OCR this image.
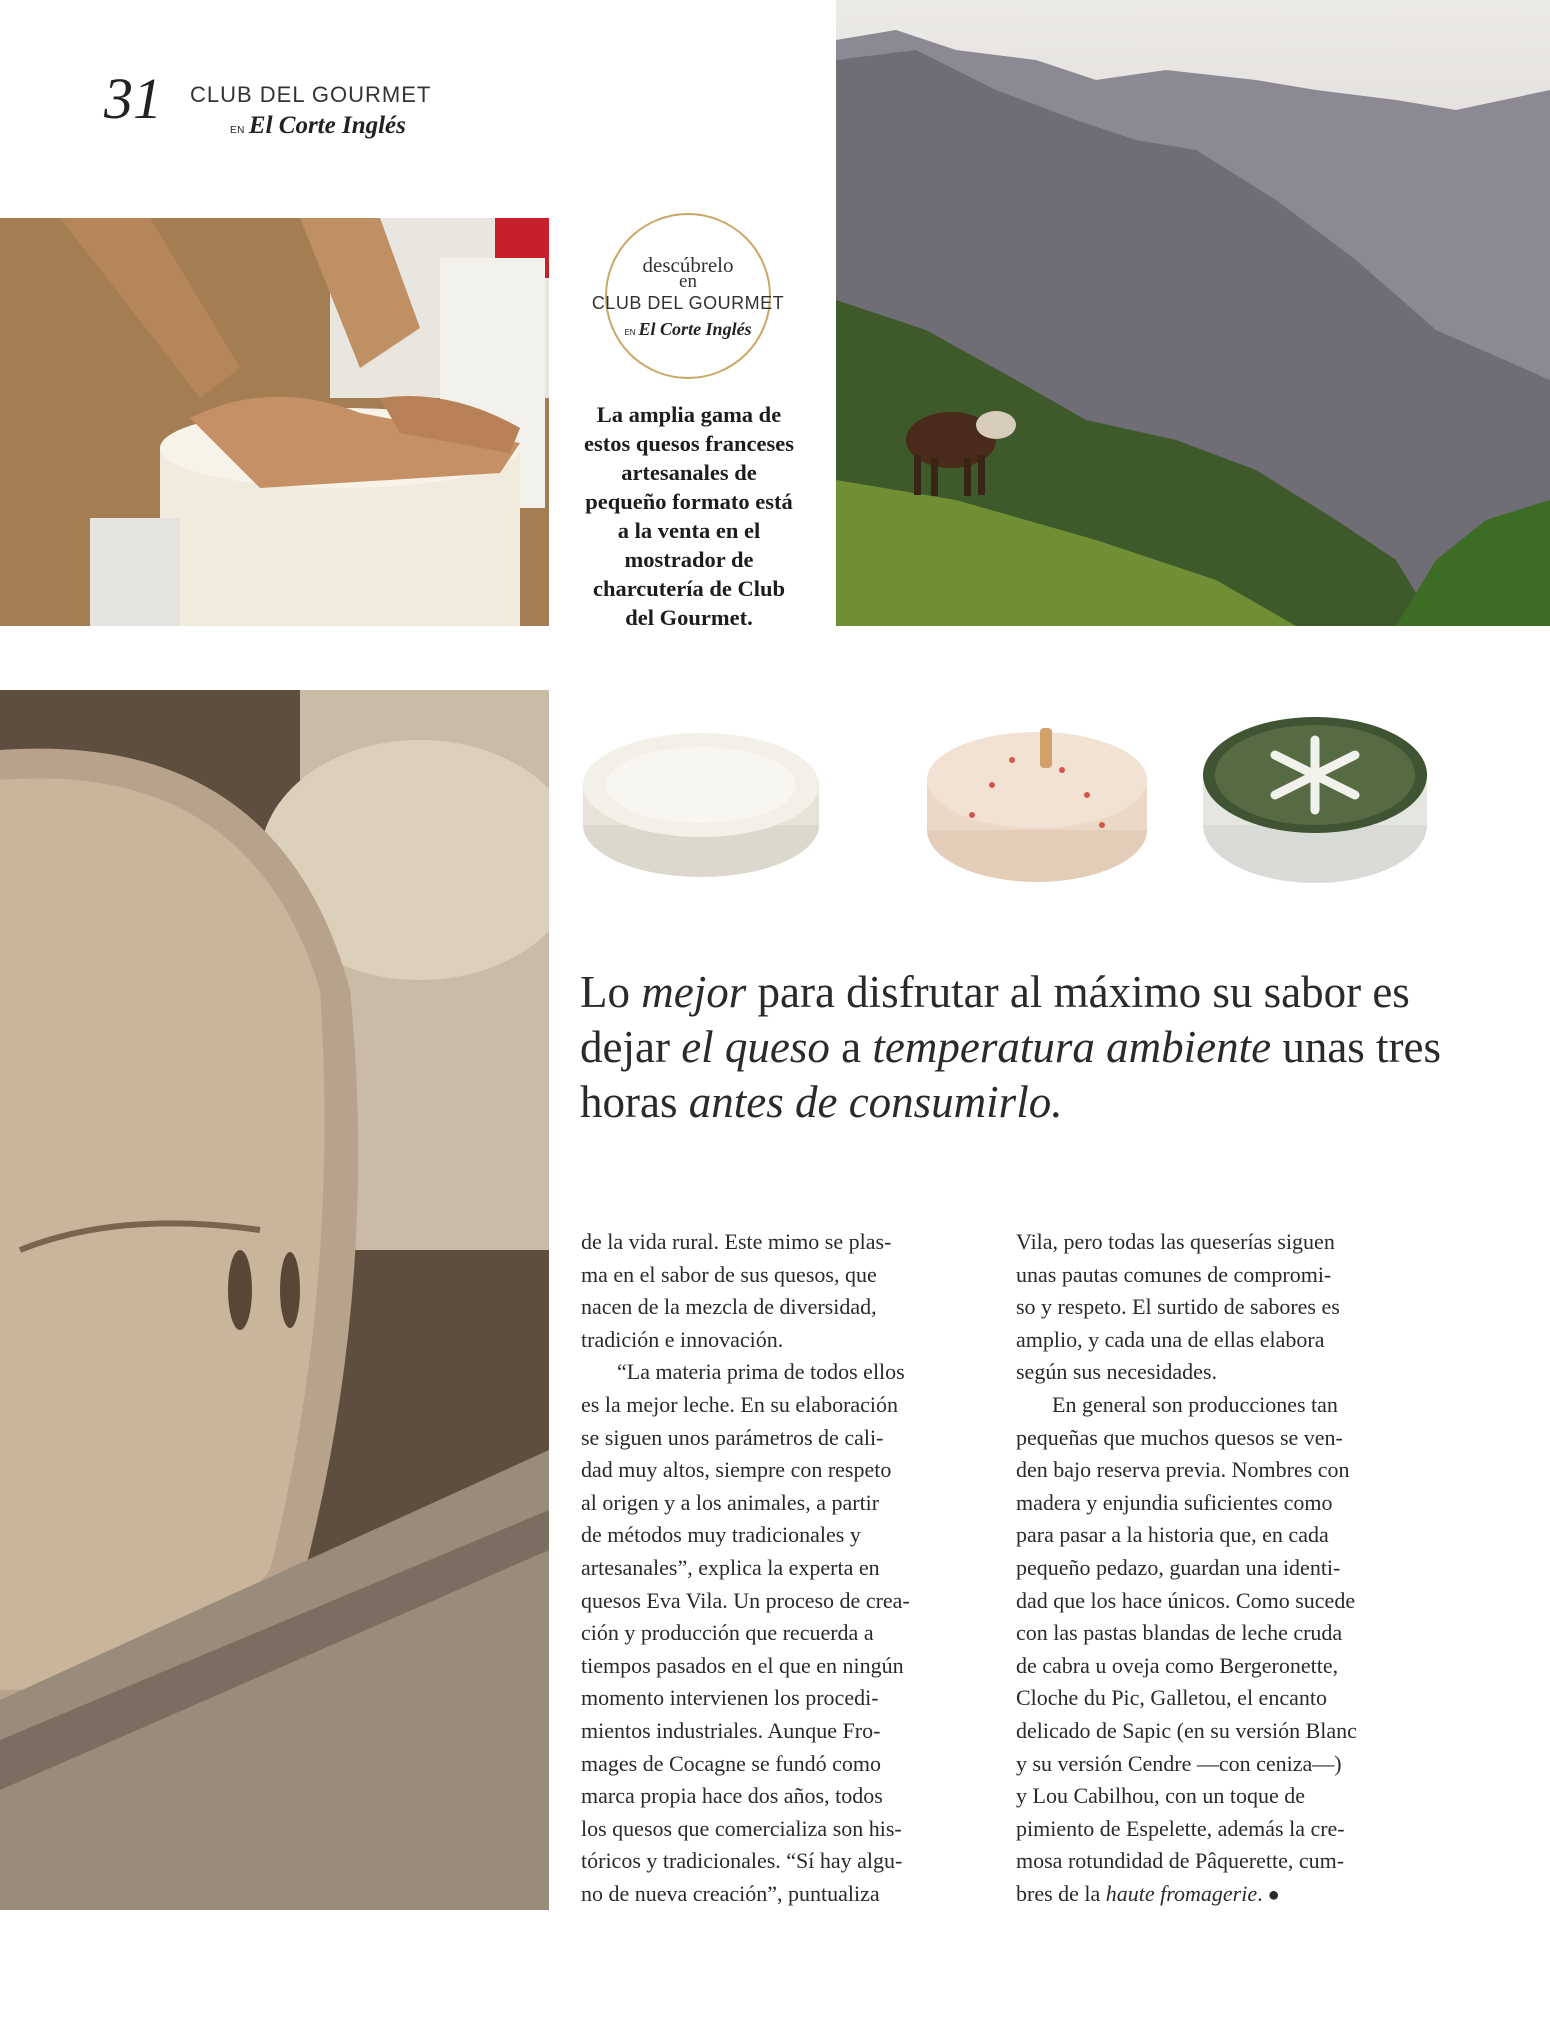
31 CLUB DEL GOURMET
EN El Corte Inglés
descúbrelo
en
CLUB DEL GOURMET
EN El Corte Inglés
La amplia gama de estos quesos franceses artesanales de pequeño formato está a la venta en el mostrador de charcutería de Club del Gourmet.
Lo mejor para disfrutar al máximo su sabor es dejar el queso a temperatura ambiente unas tres horas antes de consumirlo.

de la vida rural. Este mimo se plas-
ma en el sabor de sus quesos, que
nacen de la mezcla de diversidad,
tradición e innovación.

“La materia prima de todos ellos
es la mejor leche. En su elaboración
se siguen unos parámetros de cali-
dad muy altos, siempre con respeto
al origen y a los animales, a partir
de métodos muy tradicionales y
artesanales”, explica la experta en
quesos Eva Vila. Un proceso de crea-
ción y producción que recuerda a
tiempos pasados en el que en ningún
momento intervienen los procedi-
mientos industriales. Aunque Fro-
mages de Cocagne se fundó como
marca propia hace dos años, todos
los quesos que comercializa son his-
tóricos y tradicionales. “Sí hay algu-
no de nueva creación”, puntualiza

Vila, pero todas las queserías siguen
unas pautas comunes de compromi-
so y respeto. El surtido de sabores es
amplio, y cada una de ellas elabora
según sus necesidades.

En general son producciones tan
pequeñas que muchos quesos se ven-
den bajo reserva previa. Nombres con
madera y enjundia suficientes como
para pasar a la historia que, en cada
pequeño pedazo, guardan una identi-
dad que los hace únicos. Como sucede
con las pastas blandas de leche cruda
de cabra u oveja como Bergeronette,
Cloche du Pic, Galletou, el encanto
delicado de Sapic (en su versión Blanc
y su versión Cendre —con ceniza—)
y Lou Cabilhou, con un toque de
pimiento de Espelette, además la cre-
mosa rotundidad de Pâquerette, cum-
bres de la haute fromagerie. ●
